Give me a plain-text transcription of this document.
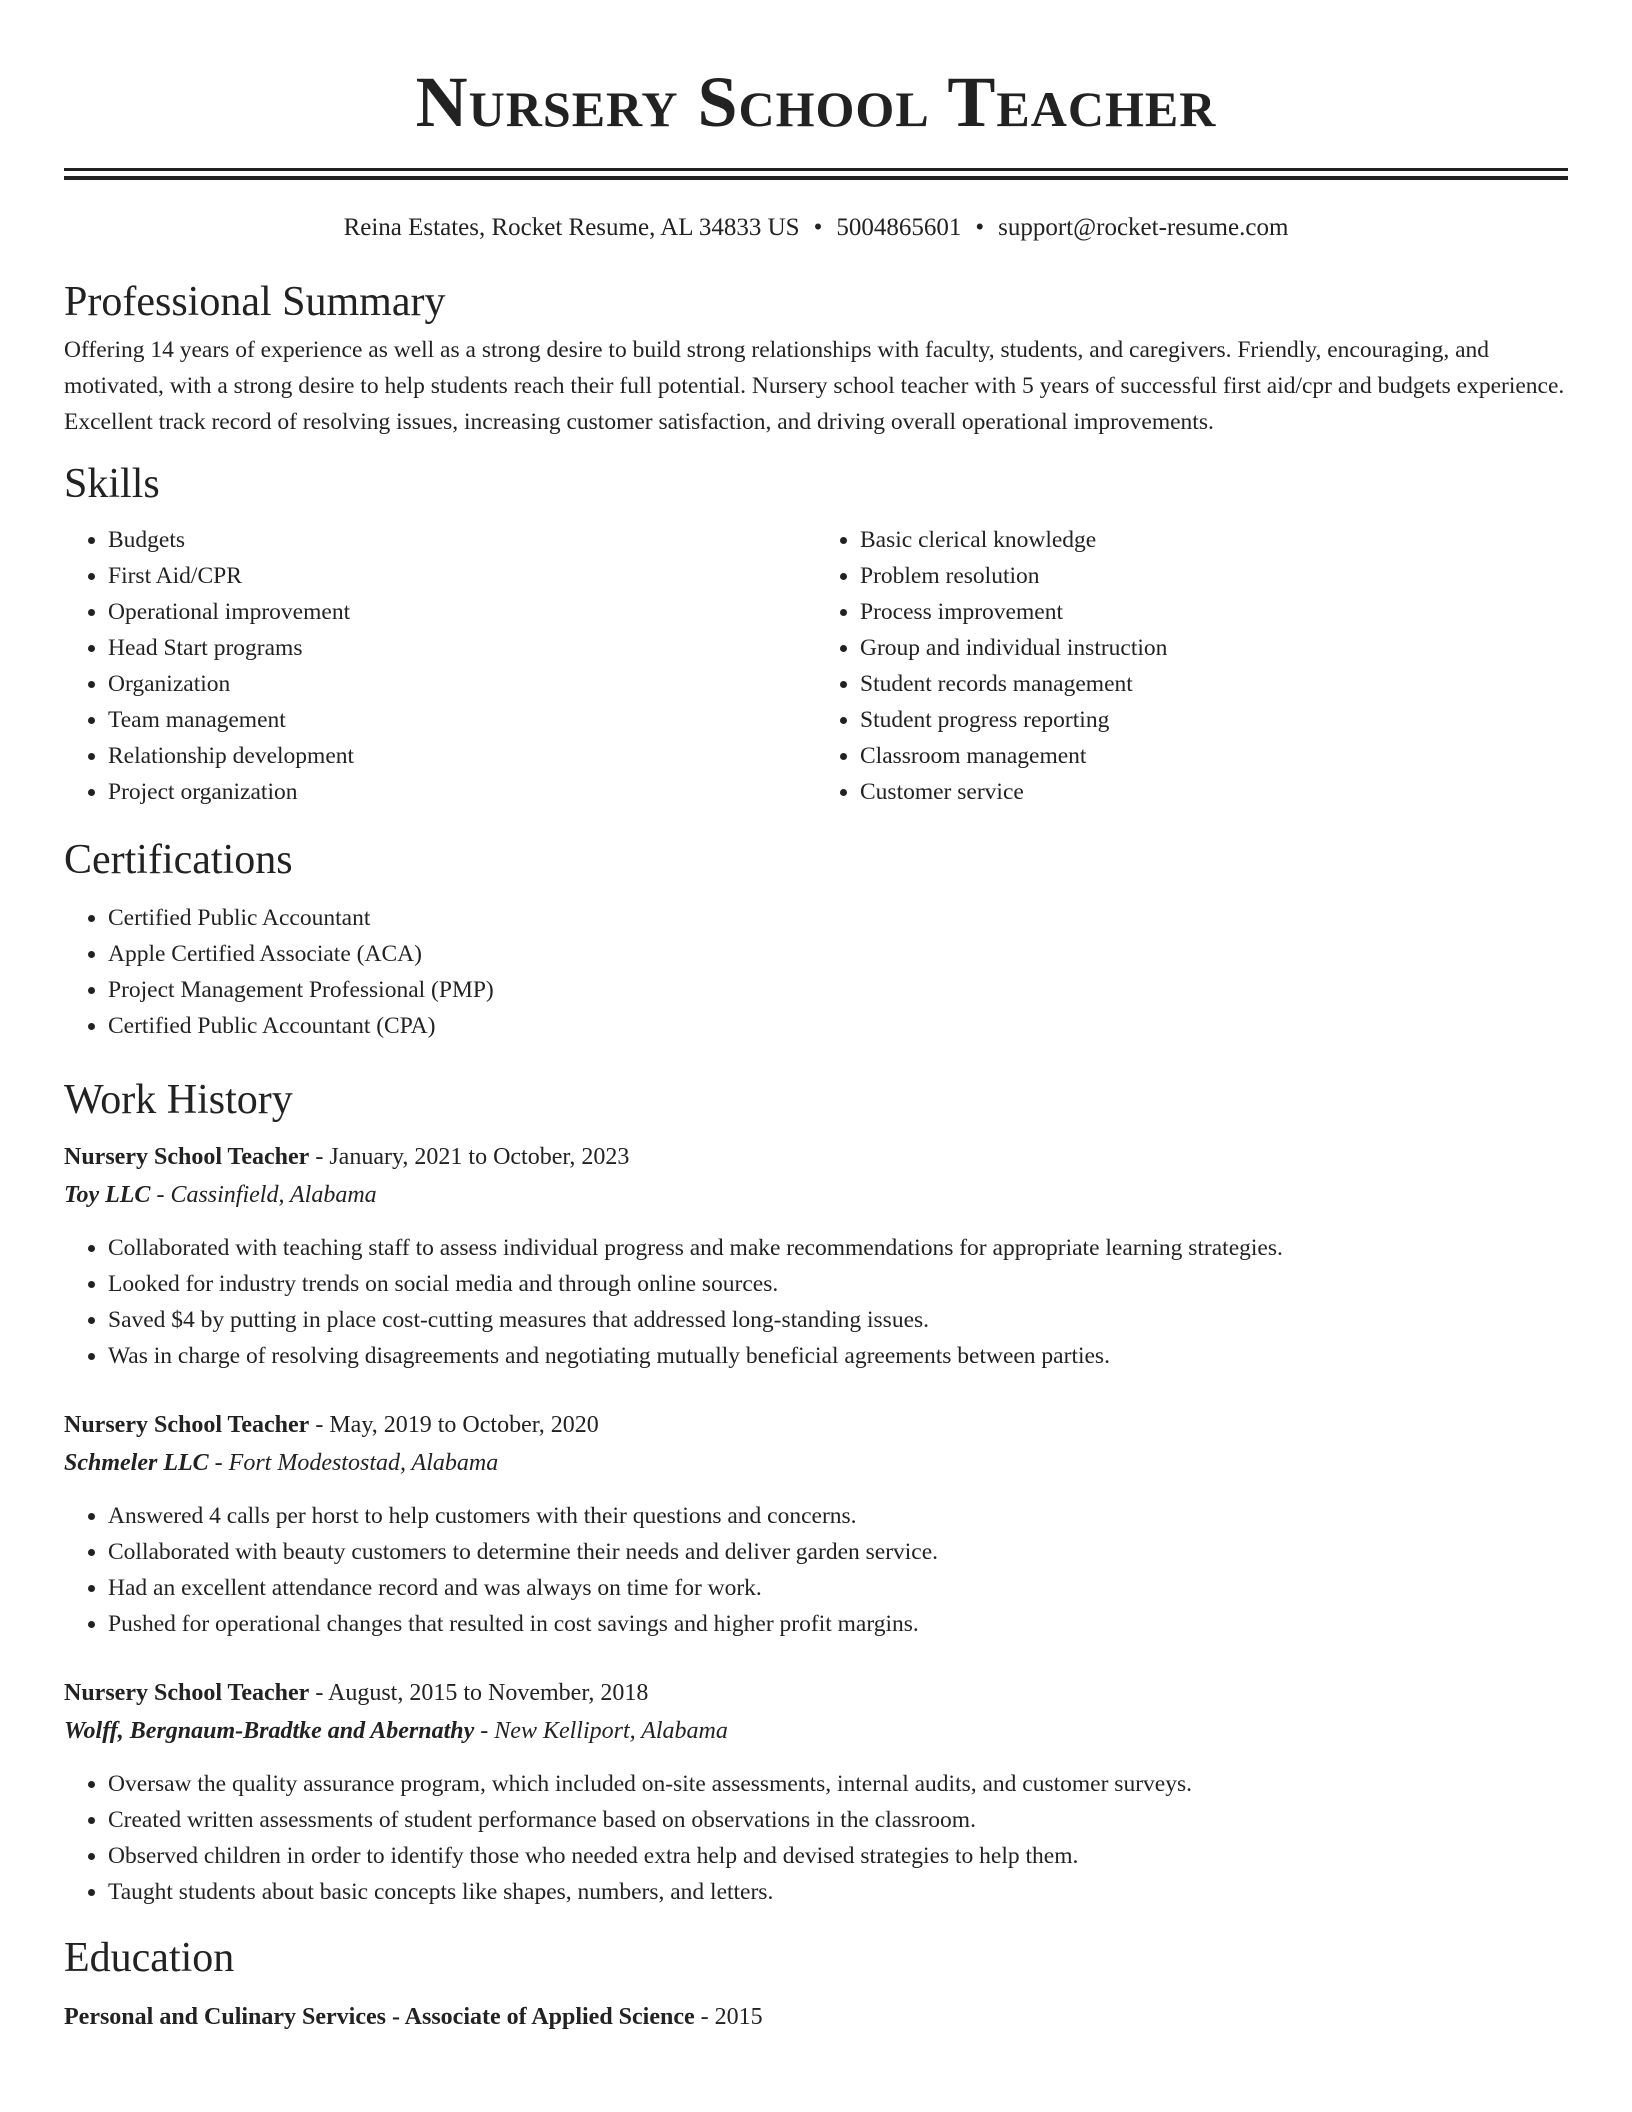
Nursery School Teacher
Reina Estates, Rocket Resume, AL 34833 US • 5004865601 • support@rocket-resume.com
Professional Summary

Offering 14 years of experience as well as a strong desire to build strong relationships with faculty, students, and caregivers. Friendly, encouraging, and motivated, with a strong desire to help students reach their full potential. Nursery school teacher with 5 years of successful first aid/cpr and budgets experience. Excellent track record of resolving issues, increasing customer satisfaction, and driving overall operational improvements.

Skills
• Budgets
• First Aid/CPR
• Operational improvement
• Head Start programs
• Organization
• Team management
• Relationship development
• Project organization
• Basic clerical knowledge
• Problem resolution
• Process improvement
• Group and individual instruction
• Student records management
• Student progress reporting
• Classroom management
• Customer service
Certifications
• Certified Public Accountant
• Apple Certified Associate (ACA)
• Project Management Professional (PMP)
• Certified Public Accountant (CPA)
Work History
Nursery School Teacher - January, 2021 to October, 2023
Toy LLC - Cassinfield, Alabama
• Collaborated with teaching staff to assess individual progress and make recommendations for appropriate learning strategies.
• Looked for industry trends on social media and through online sources.
• Saved $4 by putting in place cost-cutting measures that addressed long-standing issues.
• Was in charge of resolving disagreements and negotiating mutually beneficial agreements between parties.
Nursery School Teacher - May, 2019 to October, 2020
Schmeler LLC - Fort Modestostad, Alabama
• Answered 4 calls per horst to help customers with their questions and concerns.
• Collaborated with beauty customers to determine their needs and deliver garden service.
• Had an excellent attendance record and was always on time for work.
• Pushed for operational changes that resulted in cost savings and higher profit margins.
Nursery School Teacher - August, 2015 to November, 2018
Wolff, Bergnaum-Bradtke and Abernathy - New Kelliport, Alabama
• Oversaw the quality assurance program, which included on-site assessments, internal audits, and customer surveys.
• Created written assessments of student performance based on observations in the classroom.
• Observed children in order to identify those who needed extra help and devised strategies to help them.
• Taught students about basic concepts like shapes, numbers, and letters.
Education
Personal and Culinary Services - Associate of Applied Science - 2015
